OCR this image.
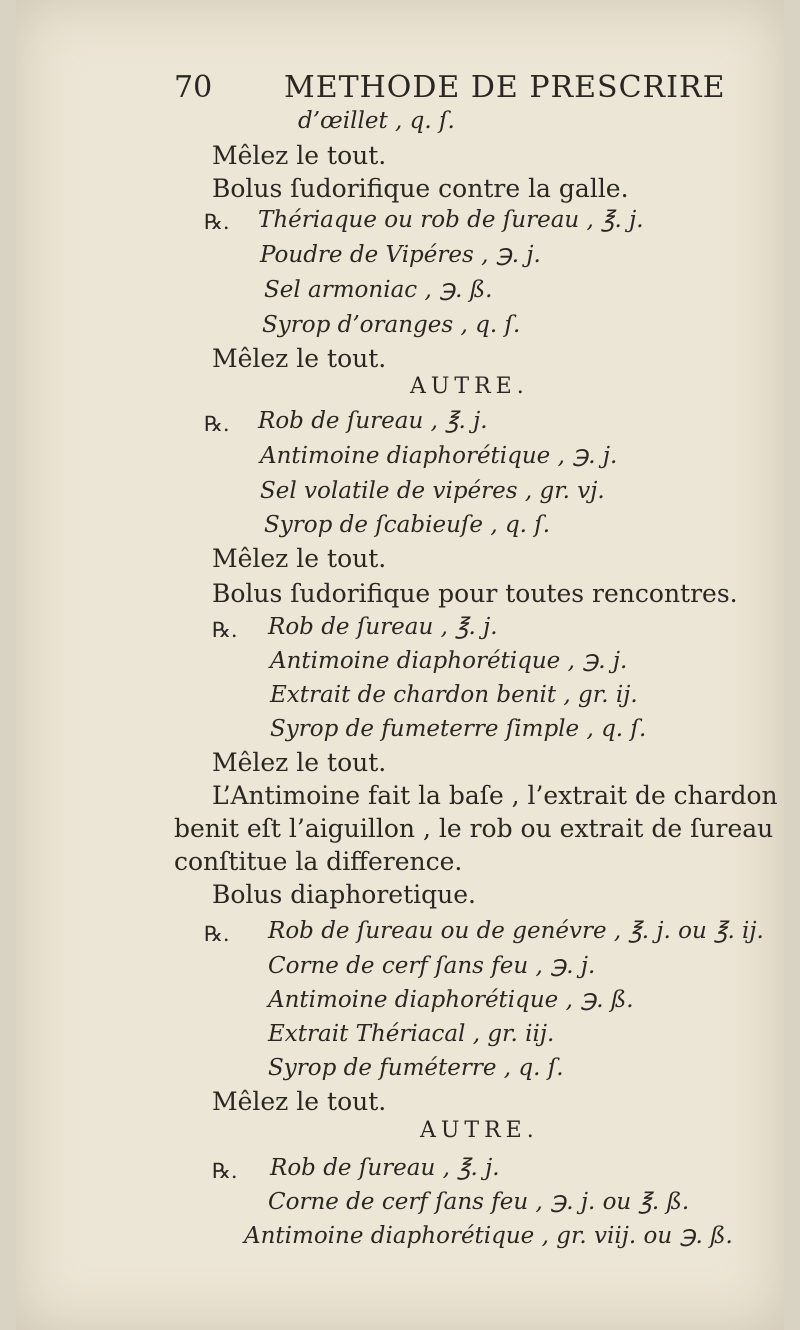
70 METHODE DE PRESCRIRE
d’œillet , q. ſ.
Mêlez le tout.
Bolus ſudorifique contre la galle.
℞. Thériaque ou rob de ſureau , ℥. j.
Poudre de Vipéres , ℈. j.
Sel armoniac , ℈. ß.
Syrop d’oranges , q. ſ.
Mêlez le tout.
AUTRE.
℞. Rob de ſureau , ℥. j.
Antimoine diaphorétique , ℈. j.
Sel volatile de vipéres , gr. vj.
Syrop de ſcabieuſe , q. ſ.
Mêlez le tout.
Bolus ſudorifique pour toutes rencontres.
℞. Rob de ſureau , ℥. j.
Antimoine diaphorétique , ℈. j.
Extrait de chardon benit , gr. ij.
Syrop de fumeterre ſimple , q. ſ.
Mêlez le tout.
L’Antimoine fait la baſe , l’extrait de chardon
benit eſt l’aiguillon , le rob ou extrait de ſureau
conſtitue la difference.
Bolus diaphoretique.
℞. Rob de ſureau ou de genévre , ℥. j. ou ℥. ij.
Corne de cerf ſans feu , ℈. j.
Antimoine diaphorétique , ℈. ß.
Extrait Thériacal , gr. iij.
Syrop de fuméterre , q. ſ.
Mêlez le tout.
AUTRE.
℞. Rob de ſureau , ℥. j.
Corne de cerf ſans feu , ℈. j. ou ℥. ß.
Antimoine diaphorétique , gr. viij. ou ℈. ß.
